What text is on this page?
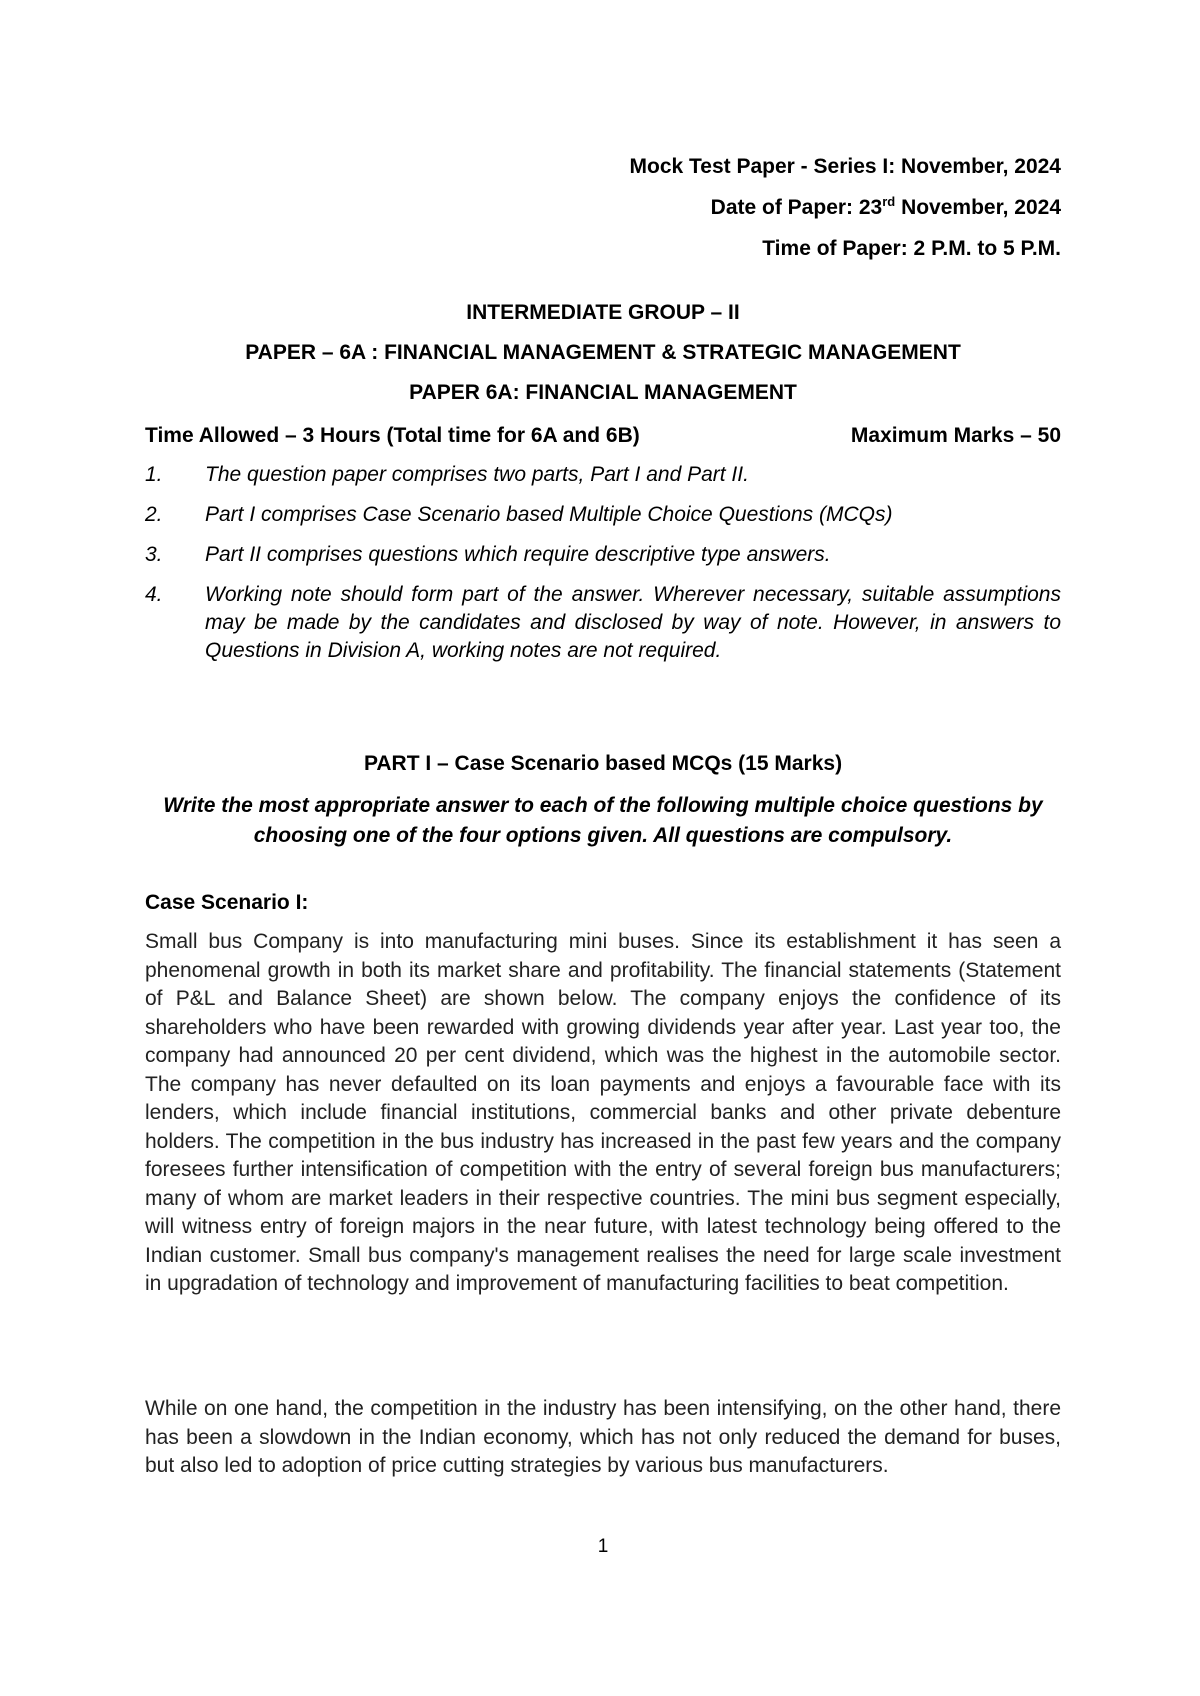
Mock Test Paper - Series I: November, 2024
Date of Paper: 23rd November, 2024
Time of Paper: 2 P.M. to 5 P.M.
INTERMEDIATE GROUP – II
PAPER – 6A : FINANCIAL MANAGEMENT & STRATEGIC MANAGEMENT
PAPER 6A: FINANCIAL MANAGEMENT
Time Allowed – 3 Hours (Total time for 6A and 6B)	Maximum Marks – 50
1.	The question paper comprises two parts, Part I and Part II.
2.	Part I comprises Case Scenario based Multiple Choice Questions (MCQs)
3.	Part II comprises questions which require descriptive type answers.
4.	Working note should form part of the answer. Wherever necessary, suitable assumptions may be made by the candidates and disclosed by way of note. However, in answers to Questions in Division A, working notes are not required.
PART I – Case Scenario based MCQs (15 Marks)
Write the most appropriate answer to each of the following multiple choice questions by choosing one of the four options given. All questions are compulsory.
Case Scenario I:
Small bus Company is into manufacturing mini buses. Since its establishment it has seen a phenomenal growth in both its market share and profitability. The financial statements (Statement of P&L and Balance Sheet) are shown below. The company enjoys the confidence of its shareholders who have been rewarded with growing dividends year after year. Last year too, the company had announced 20 per cent dividend, which was the highest in the automobile sector. The company has never defaulted on its loan payments and enjoys a favourable face with its lenders, which include financial institutions, commercial banks and other private debenture holders. The competition in the bus industry has increased in the past few years and the company foresees further intensification of competition with the entry of several foreign bus manufacturers; many of whom are market leaders in their respective countries. The mini bus segment especially, will witness entry of foreign majors in the near future, with latest technology being offered to the Indian customer. Small bus company's management realises the need for large scale investment in upgradation of technology and improvement of manufacturing facilities to beat competition.
While on one hand, the competition in the industry has been intensifying, on the other hand, there has been a slowdown in the Indian economy, which has not only reduced the demand for buses, but also led to adoption of price cutting strategies by various bus manufacturers.
1
